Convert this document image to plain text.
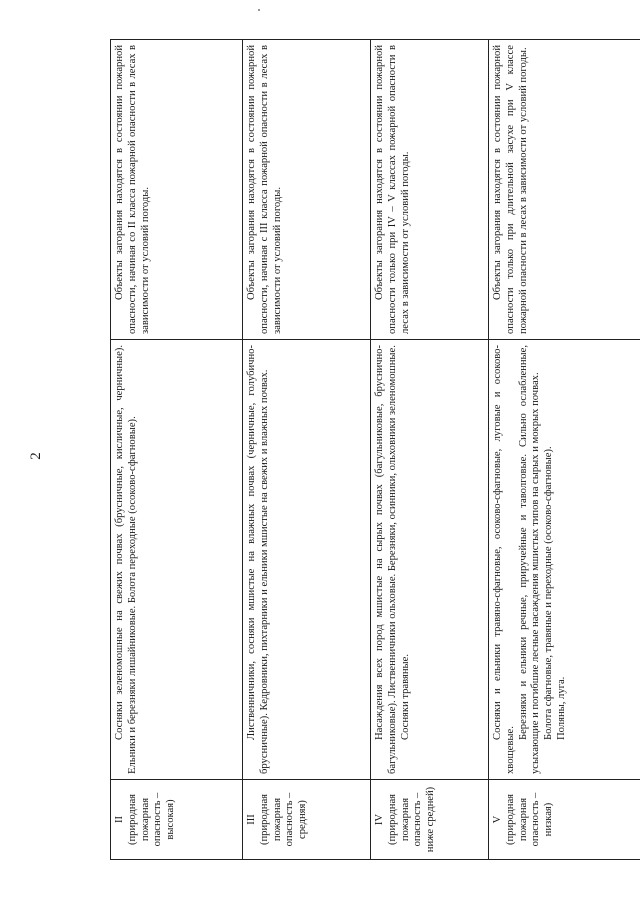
2
II (природная пожарная опасность – высокая)	Сосняки зеленомошные на свежих почвах (брусничные, кисличные, черничные). Ельники и березняки лишайниковые. Болота переходные (осоково-сфагновые).	Объекты загорания находятся в состоянии пожарной опасности, начиная со II класса пожарной опасности в лесах в зависимости от условий погоды.

III (природная пожарная опасность – средняя)	Лиственничники, сосняки мшистые на влажных почвах (черничные, голубично-брусничные). Кедровники, пихтарники и ельники мшистые на свежих и влажных почвах.	Объекты загорания находятся в состоянии пожарной опасности, начиная с III класса пожарной опасности в лесах в зависимости от условий погоды.

IV (природная пожарная опасность – ниже средней)	Насаждения всех пород мшистые на сырых почвах (багульниковые, бруснично-багульниковые). Лиственничники ольховые. Березняки, осинники, ольховники зеленомошные. Сосняки травяные.	Объекты загорания находятся в состоянии пожарной опасности только при IV – V классах пожарной опасности в лесах в зависимости от условий погоды.

V (природная пожарная опасность – низкая)	Сосняки и ельники травяно-сфагновые, осоково-сфагновые, луговые и осоково-хвощевые.
Березняки и ельники речные, приручейные и таволговые. Сильно ослабленные, усыхающие и погибшие лесные насаждения мшистых типов на сырых и мокрых почвах. Болота сфагновые, травяные и переходные (осоково-сфагновые). Поляны, луга.	Объекты загорания находятся в состоянии пожарной опасности только при длительной засухе при V классе пожарной опасности в лесах в зависимости от условий погоды.
